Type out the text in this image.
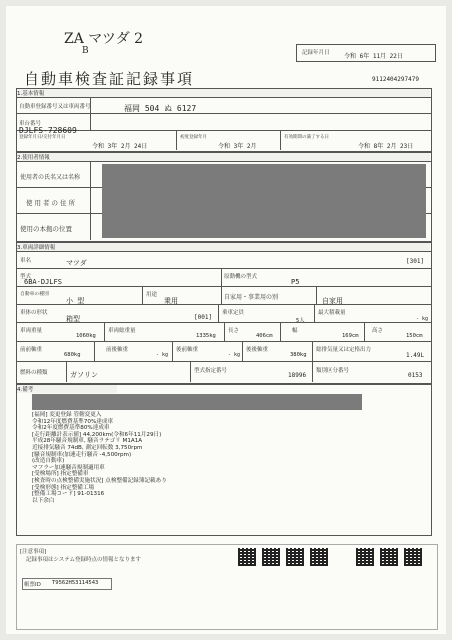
ZA マツダ 2
B	記録年月日 令和 6年 11月 22日
自動車検査証記録事項	9112404297479
1.基本情報
自動車登録番号又は車両番号	福岡 504 ぬ 6127
車台番号
DJLFS-728609
登録年月日/交付年月日
令和 3年 2月 24日
初度登録年月
令和 3年 2月
有効期間の満了する日
令和 8年 2月 23日
2.使用者情報
使用者の氏名又は名称
使用者の住所
使用の本拠の位置
3.車両詳細情報
車名	マツダ	[301]
型式
6BA-DJLFS
原動機の型式
P5
自動車の種別
小 型
用途
乗用	自家用・事業用の別	自家用
車体の形状
箱型	[001]
乗車定員
5人
最大積載量
- kg
車両重量
1060kg
車両総重量
1335kg
長さ
406cm
幅
169cm
高さ
150cm
前前軸重
680kg
前後軸重
- kg
後前軸重
- kg
後後軸重
380kg
総排気量又は定格出力
1.49L
燃料の種類	ガソリン	型式指定番号
18996
類別区分番号
0153
4.備考
[福岡] 変更登録 管轄変更入
令和12年度燃費基準70%達成車
令和2年度燃費基準80%達成車
[走行距離計表示値] 44,200km(令和6年11月29日)
平成28年騒音規制車, 騒音ラテゴリ M1A1A
近接排気騒音 74dB, 測定回転数 3,750rpm
[騒音規制車(加速走行騒音 -4,500rpm)
(改造自動車)
マフラー加速騒音規制適用車
[受検場所] 指定整備車
[検査時の点検整備実施状況] 点検整備記録簿記載あり
[受検形態] 指定整備工場
[整備工場コード] 91-01316
以下余白
[注意事項]
記録事項はシステム登録時点の情報となります
帳票ID T9562H53114543
